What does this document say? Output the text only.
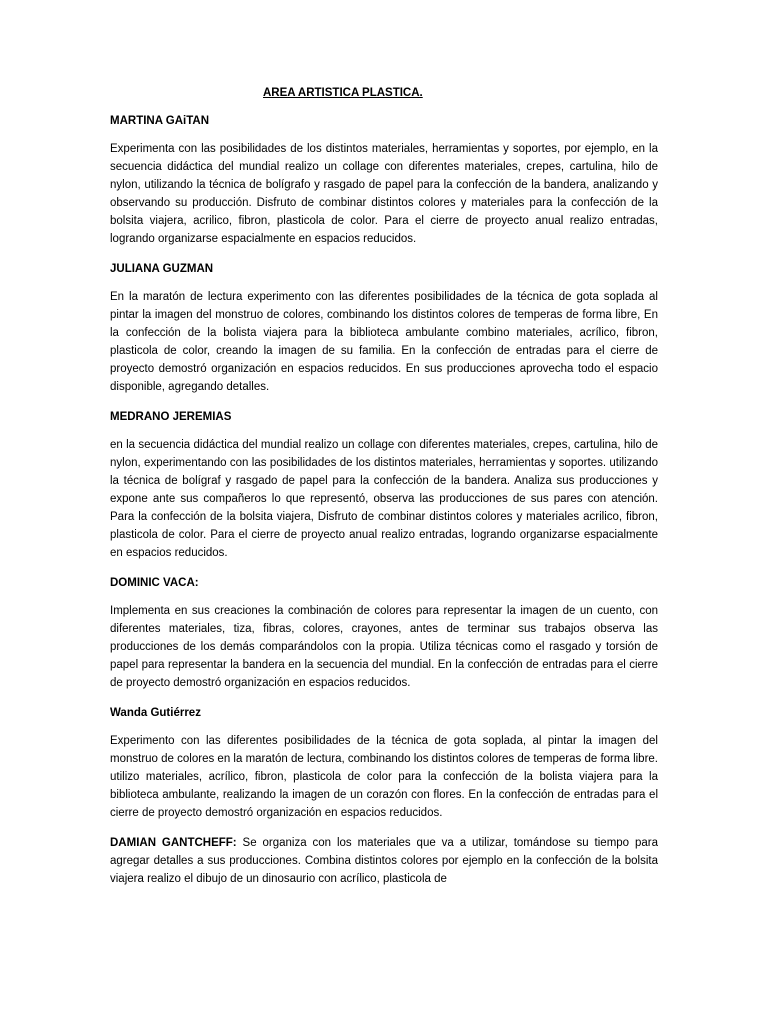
AREA ARTISTICA PLASTICA.
MARTINA GAiTAN
Experimenta con las posibilidades de los distintos materiales, herramientas y soportes, por ejemplo, en la secuencia didáctica del mundial realizo un collage con diferentes materiales, crepes, cartulina, hilo de nylon, utilizando la técnica de bolígrafo y rasgado de papel para la confección de la bandera, analizando y observando su producción. Disfruto de combinar distintos colores y materiales para la confección de la bolsita viajera, acrilico, fibron, plasticola de color. Para el cierre de proyecto anual realizo entradas, logrando organizarse espacialmente en espacios reducidos.
JULIANA GUZMAN
En la maratón de lectura experimento con las diferentes posibilidades de la técnica de gota soplada al pintar la imagen del monstruo de colores, combinando los distintos colores de temperas de forma libre, En la confección de la bolista viajera para la biblioteca ambulante combino materiales, acrílico, fibron, plasticola de color, creando la imagen de su familia. En la confección de entradas para el cierre de proyecto demostró organización en espacios reducidos. En sus producciones aprovecha todo el espacio disponible, agregando detalles.
MEDRANO JEREMIAS
en la secuencia didáctica del mundial realizo un collage con diferentes materiales, crepes, cartulina, hilo de nylon, experimentando con las posibilidades de los distintos materiales, herramientas y soportes. utilizando la técnica de bolígraf y rasgado de papel para la confección de la bandera. Analiza sus producciones y expone ante sus compañeros lo que representó, observa las producciones de sus pares con atención. Para la confección de la bolsita viajera, Disfruto de combinar distintos colores y materiales acrilico, fibron, plasticola de color. Para el cierre de proyecto anual realizo entradas, logrando organizarse espacialmente en espacios reducidos.
DOMINIC VACA:
Implementa en sus creaciones la combinación de colores para representar la imagen de un cuento, con diferentes materiales, tiza, fibras, colores, crayones, antes de terminar sus trabajos observa las producciones de los demás comparándolos con la propia. Utiliza técnicas como el rasgado y torsión de papel para representar la bandera en la secuencia del mundial. En la confección de entradas para el cierre de proyecto demostró organización en espacios reducidos.
Wanda Gutiérrez
Experimento con las diferentes posibilidades de la técnica de gota soplada, al pintar la imagen del monstruo de colores en la maratón de lectura, combinando los distintos colores de temperas de forma libre. utilizo materiales, acrílico, fibron, plasticola de color para la confección de la bolista viajera para la biblioteca ambulante, realizando la imagen de un corazón con flores. En la confección de entradas para el cierre de proyecto demostró organización en espacios reducidos.
DAMIAN GANTCHEFF: Se organiza con los materiales que va a utilizar, tomándose su tiempo para agregar detalles a sus producciones. Combina distintos colores por ejemplo en la confección de la bolsita viajera realizo el dibujo de un dinosaurio con acrílico, plasticola de
